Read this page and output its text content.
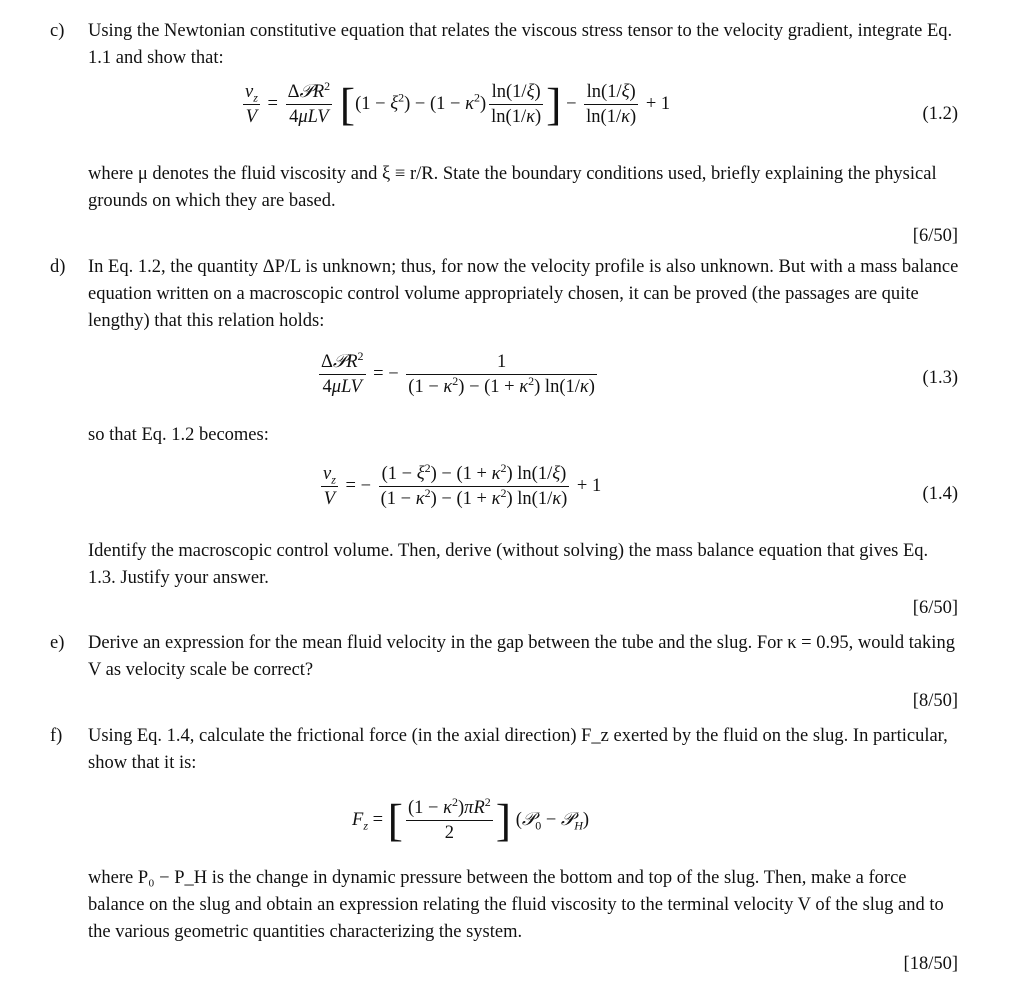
c) Using the Newtonian constitutive equation that relates the viscous stress tensor to the velocity gradient, integrate Eq. 1.1 and show that:
$\frac{v_z}{V} = \frac{\Delta 𝒫R^2}{\text{4μLV}} [(1 - \xi^2) - (1 - \kappa^2) \frac{\ln(1/\xi)}{\ln(1/\kappa)}$ ] − $\frac{\ln(1/\xi)}{\ln(1/\kappa)} + 1$
(1.2)
where μ denotes the fluid viscosity and ξ ≡ r/R. State the boundary conditions used, briefly explaining the physical grounds on which they are based.
[6/50]
d) In Eq. 1.2, the quantity ΔP/L is unknown; thus, for now the velocity profile is also unknown. But with a mass balance equation written on a macroscopic control volume appropriately chosen, it can be proved (the passages are quite lengthy) that this relation holds:
$\frac{\Delta 𝒫R^2}{\text{4μLV}}$ = − $\frac{1}{(1 - \kappa^2) - (1 + \kappa^2) \ln(1/\kappa)}$	(1.3)
so that Eq. 1.2 becomes:
$\frac{v_z}{V}$ = − $\frac{(1 - \xi^2) - (1 + \kappa^2) \ln(1/\xi)}{(1 - \kappa^2) - (1 + \kappa^2) \ln(1/\kappa)} + 1$	(1.4)
Identify the macroscopic control volume. Then, derive (without solving) the mass balance equation that gives Eq. 1.3. Justify your answer.
[6/50]
e) Derive an expression for the mean fluid velocity in the gap between the tube and the slug. For κ = 0.95, would taking V as velocity scale be correct?
[8/50]
f) Using Eq. 1.4, calculate the frictional force (in the axial direction) F_z exerted by the fluid on the slug. In particular, show that it is:
$F_z$ = [ $\frac{(1 - \kappa^2)\pi R^2}{2}$ ] (𝒫$_0$ − 𝒫$_H$)
where P₀ − P_H is the change in dynamic pressure between the bottom and top of the slug. Then, make a force balance on the slug and obtain an expression relating the fluid viscosity to the terminal velocity V of the slug and to the various geometric quantities characterizing the system.
[18/50]
